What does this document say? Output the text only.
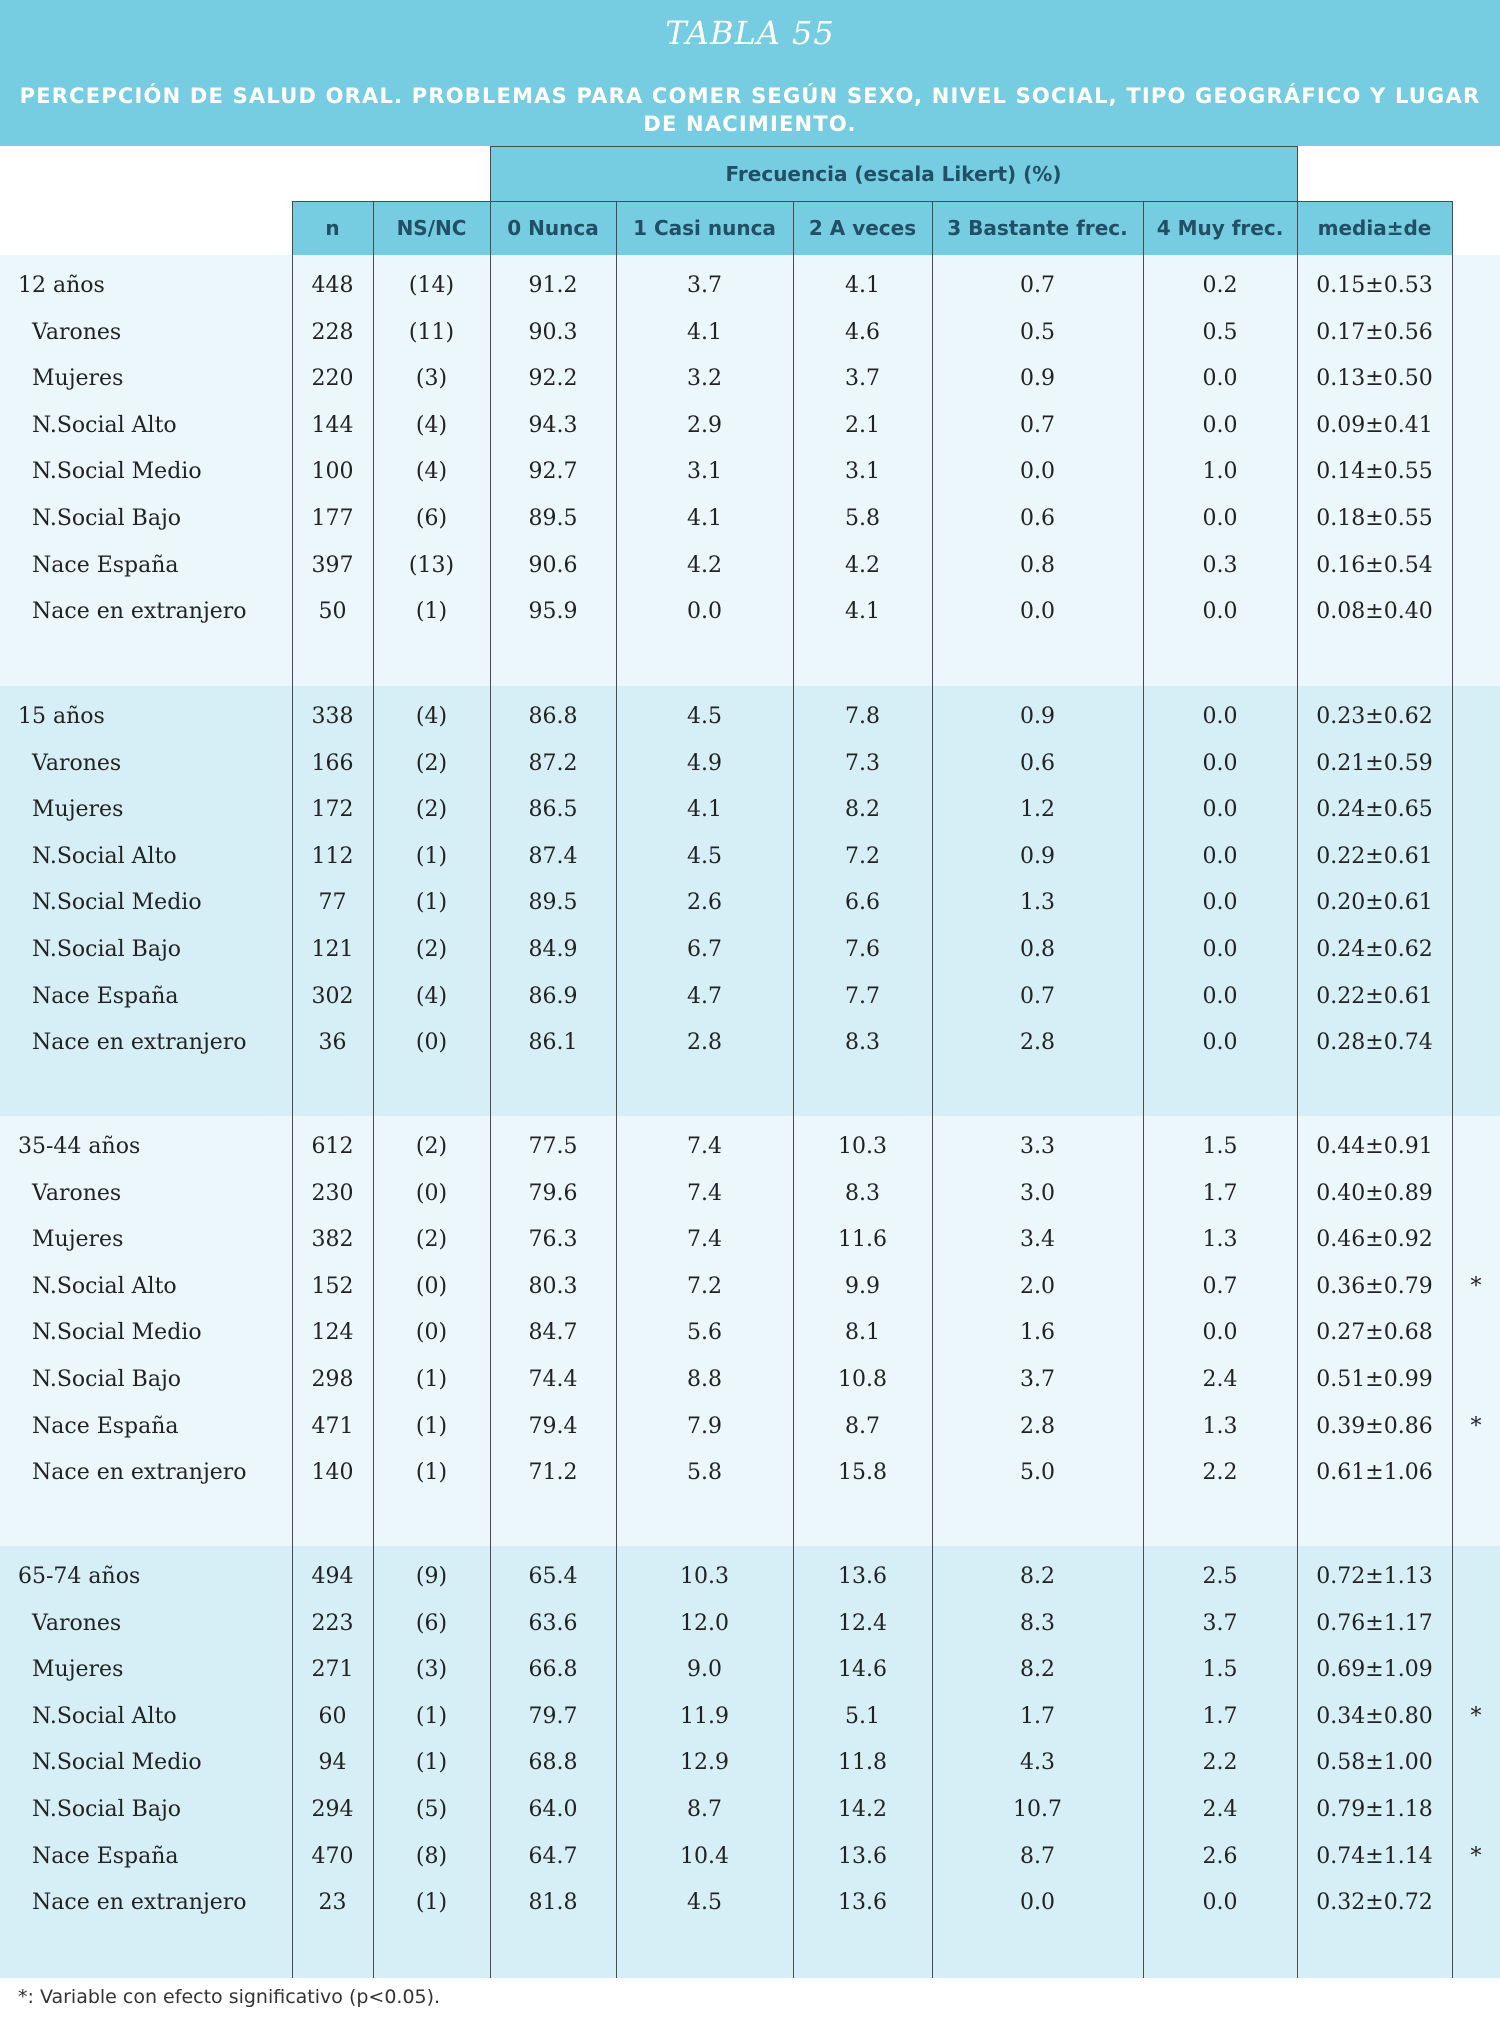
TABLA 55
PERCEPCIÓN DE SALUD ORAL. PROBLEMAS PARA COMER SEGÚN SEXO, NIVEL SOCIAL, TIPO GEOGRÁFICO Y LUGAR DE NACIMIENTO.
Frecuencia (escala Likert) (%)
n	NS/NC	0 Nunca	1 Casi nunca	2 A veces	3 Bastante frec.	4 Muy frec.	media±de
12 años	448	(14)	91.2	3.7	4.1	0.7	0.2	0.15±0.53
Varones	228	(11)	90.3	4.1	4.6	0.5	0.5	0.17±0.56
Mujeres	220	(3)	92.2	3.2	3.7	0.9	0.0	0.13±0.50
N.Social Alto	144	(4)	94.3	2.9	2.1	0.7	0.0	0.09±0.41
N.Social Medio	100	(4)	92.7	3.1	3.1	0.0	1.0	0.14±0.55
N.Social Bajo	177	(6)	89.5	4.1	5.8	0.6	0.0	0.18±0.55
Nace España	397	(13)	90.6	4.2	4.2	0.8	0.3	0.16±0.54
Nace en extranjero	50	(1)	95.9	0.0	4.1	0.0	0.0	0.08±0.40
15 años	338	(4)	86.8	4.5	7.8	0.9	0.0	0.23±0.62
Varones	166	(2)	87.2	4.9	7.3	0.6	0.0	0.21±0.59
Mujeres	172	(2)	86.5	4.1	8.2	1.2	0.0	0.24±0.65
N.Social Alto	112	(1)	87.4	4.5	7.2	0.9	0.0	0.22±0.61
N.Social Medio	77	(1)	89.5	2.6	6.6	1.3	0.0	0.20±0.61
N.Social Bajo	121	(2)	84.9	6.7	7.6	0.8	0.0	0.24±0.62
Nace España	302	(4)	86.9	4.7	7.7	0.7	0.0	0.22±0.61
Nace en extranjero	36	(0)	86.1	2.8	8.3	2.8	0.0	0.28±0.74
35-44 años	612	(2)	77.5	7.4	10.3	3.3	1.5	0.44±0.91
Varones	230	(0)	79.6	7.4	8.3	3.0	1.7	0.40±0.89
Mujeres	382	(2)	76.3	7.4	11.6	3.4	1.3	0.46±0.92
N.Social Alto	152	(0)	80.3	7.2	9.9	2.0	0.7	0.36±0.79	*
N.Social Medio	124	(0)	84.7	5.6	8.1	1.6	0.0	0.27±0.68
N.Social Bajo	298	(1)	74.4	8.8	10.8	3.7	2.4	0.51±0.99
Nace España	471	(1)	79.4	7.9	8.7	2.8	1.3	0.39±0.86	*
Nace en extranjero	140	(1)	71.2	5.8	15.8	5.0	2.2	0.61±1.06
65-74 años	494	(9)	65.4	10.3	13.6	8.2	2.5	0.72±1.13
Varones	223	(6)	63.6	12.0	12.4	8.3	3.7	0.76±1.17
Mujeres	271	(3)	66.8	9.0	14.6	8.2	1.5	0.69±1.09
N.Social Alto	60	(1)	79.7	11.9	5.1	1.7	1.7	0.34±0.80	*
N.Social Medio	94	(1)	68.8	12.9	11.8	4.3	2.2	0.58±1.00
N.Social Bajo	294	(5)	64.0	8.7	14.2	10.7	2.4	0.79±1.18
Nace España	470	(8)	64.7	10.4	13.6	8.7	2.6	0.74±1.14	*
Nace en extranjero	23	(1)	81.8	4.5	13.6	0.0	0.0	0.32±0.72
*: Variable con efecto significativo (p<0.05).
